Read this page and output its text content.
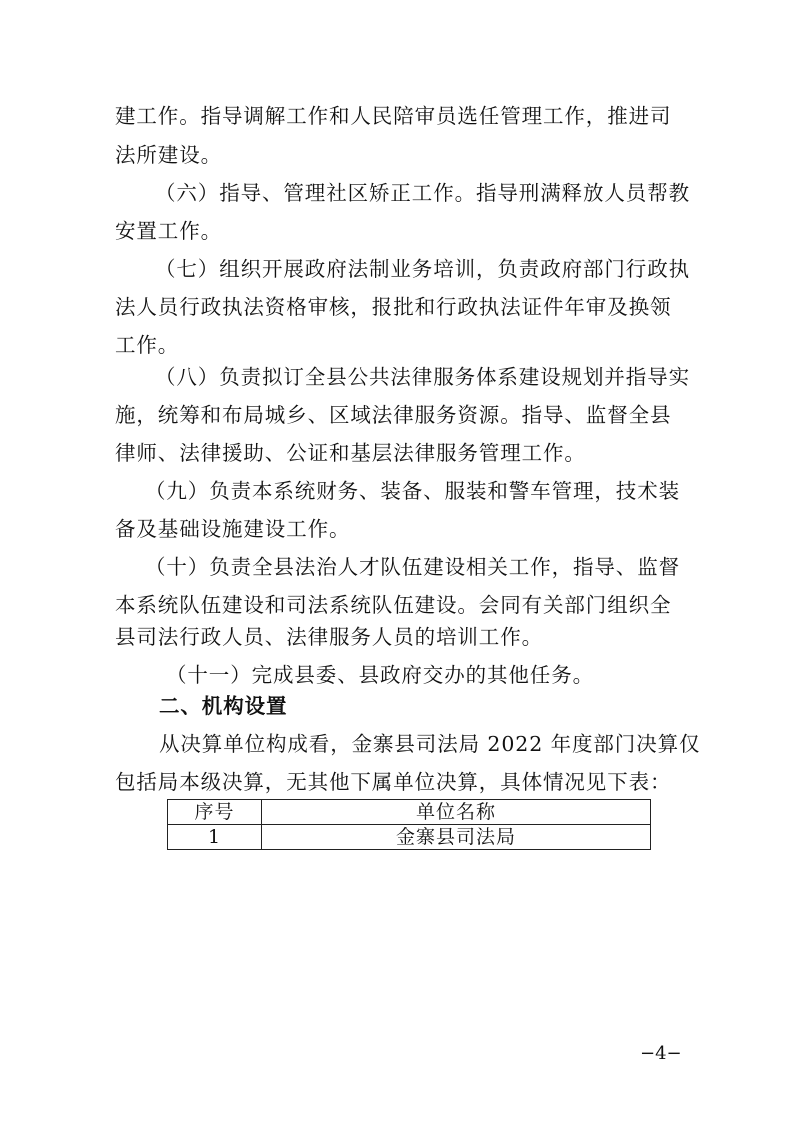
建工作。指导调解工作和人民陪审员选任管理工作，推进司
法所建设。
（六）指导、管理社区矫正工作。指导刑满释放人员帮教
安置工作。
（七）组织开展政府法制业务培训，负责政府部门行政执
法人员行政执法资格审核，报批和行政执法证件年审及换领
工作。
（八）负责拟订全县公共法律服务体系建设规划并指导实
施，统筹和布局城乡、区域法律服务资源。指导、监督全县
律师、法律援助、公证和基层法律服务管理工作。
（九）负责本系统财务、装备、服装和警车管理，技术装
备及基础设施建设工作。
（十）负责全县法治人才队伍建设相关工作，指导、监督
本系统队伍建设和司法系统队伍建设。会同有关部门组织全
县司法行政人员、法律服务人员的培训工作。
（十一）完成县委、县政府交办的其他任务。
二、机构设置
从决算单位构成看，金寨县司法局 2022 年度部门决算仅
包括局本级决算，无其他下属单位决算，具体情况见下表：
序号	单位名称
1	金寨县司法局
−4−
